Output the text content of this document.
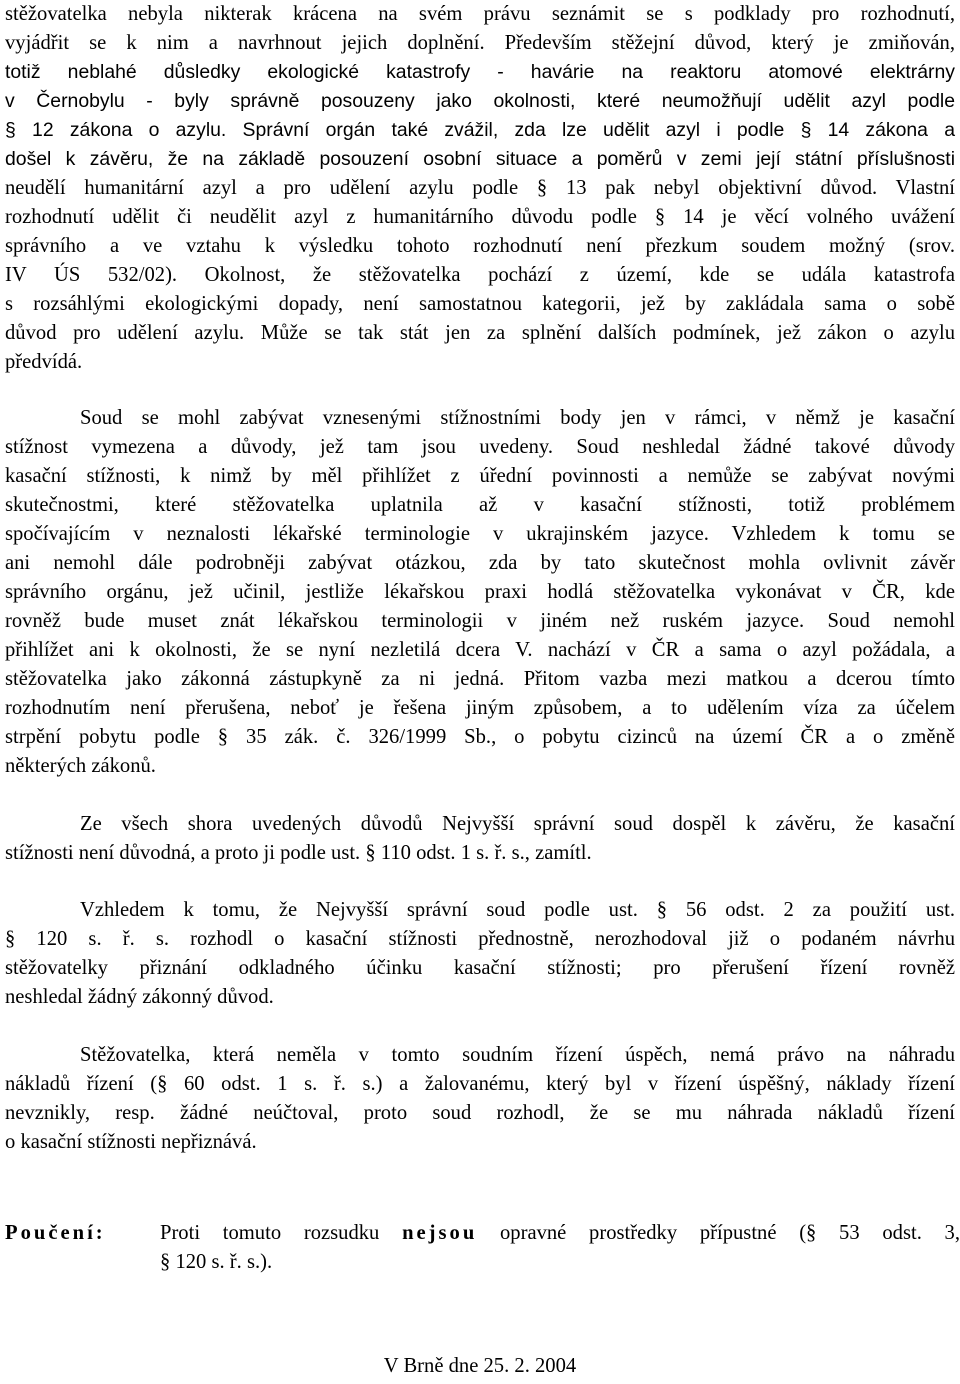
stěžovatelka nebyla nikterak krácena na svém právu seznámit se s podklady pro rozhodnutí,
vyjádřit se k nim a navrhnout jejich doplnění. Především stěžejní důvod, který je zmiňován,
totiž neblahé důsledky ekologické katastrofy - havárie na reaktoru atomové elektrárny
v Černobylu - byly správně posouzeny jako okolnosti, které neumožňují udělit azyl podle
§ 12 zákona o azylu. Správní orgán také zvážil, zda lze udělit azyl i podle § 14 zákona a
došel k závěru, že na základě posouzení osobní situace a poměrů v zemi její státní příslušnosti
neudělí humanitární azyl a pro udělení azylu podle § 13 pak nebyl objektivní důvod. Vlastní
rozhodnutí udělit či neudělit azyl z humanitárního důvodu podle § 14 je věcí volného uvážení
správního a ve vztahu k výsledku tohoto rozhodnutí není přezkum soudem možný (srov.
IV ÚS 532/02). Okolnost, že stěžovatelka pochází z území, kde se udála katastrofa
s rozsáhlými ekologickými dopady, není samostatnou kategorii, jež by zakládala sama o sobě
důvod pro udělení azylu. Může se tak stát jen za splnění dalších podmínek, jež zákon o azylu
předvídá.
Soud se mohl zabývat vznesenými stížnostními body jen v rámci, v němž je kasační
stížnost vymezena a důvody, jež tam jsou uvedeny. Soud neshledal žádné takové důvody
kasační stížnosti, k nimž by měl přihlížet z úřední povinnosti a nemůže se zabývat novými
skutečnostmi, které stěžovatelka uplatnila až v kasační stížnosti, totiž problémem
spočívajícím v neznalosti lékařské terminologie v ukrajinském jazyce. Vzhledem k tomu se
ani nemohl dále podrobněji zabývat otázkou, zda by tato skutečnost mohla ovlivnit závěr
správního orgánu, jež učinil, jestliže lékařskou praxi hodlá stěžovatelka vykonávat v ČR, kde
rovněž bude muset znát lékařskou terminologii v jiném než ruském jazyce. Soud nemohl
přihlížet ani k okolnosti, že se nyní nezletilá dcera V. nachází v ČR a sama o azyl požádala, a
stěžovatelka jako zákonná zástupkyně za ni jedná. Přitom vazba mezi matkou a dcerou tímto
rozhodnutím není přerušena, neboť je řešena jiným způsobem, a to udělením víza za účelem
strpění pobytu podle § 35 zák. č. 326/1999 Sb., o pobytu cizinců na území ČR a o změně
některých zákonů.
Ze všech shora uvedených důvodů Nejvyšší správní soud dospěl k závěru, že kasační
stížnosti není důvodná, a proto ji podle ust. § 110 odst. 1 s. ř. s., zamítl.
Vzhledem k tomu, že Nejvyšší správní soud podle ust. § 56 odst. 2 za použití ust.
§ 120 s. ř. s. rozhodl o kasační stížnosti přednostně, nerozhodoval již o podaném návrhu
stěžovatelky přiznání odkladného účinku kasační stížnosti; pro přerušení řízení rovněž
neshledal žádný zákonný důvod.
Stěžovatelka, která neměla v tomto soudním řízení úspěch, nemá právo na náhradu
nákladů řízení (§ 60 odst. 1 s. ř. s.) a žalovanému, který byl v řízení úspěšný, náklady řízení
nevznikly, resp. žádné neúčtoval, proto soud rozhodl, že se mu náhrada nákladů řízení
o kasační stížnosti nepřiznává.
Poučení:	Proti tomuto rozsudku nejsou opravné prostředky přípustné (§ 53 odst. 3,
§ 120 s. ř. s.).
V Brně dne 25. 2. 2004
